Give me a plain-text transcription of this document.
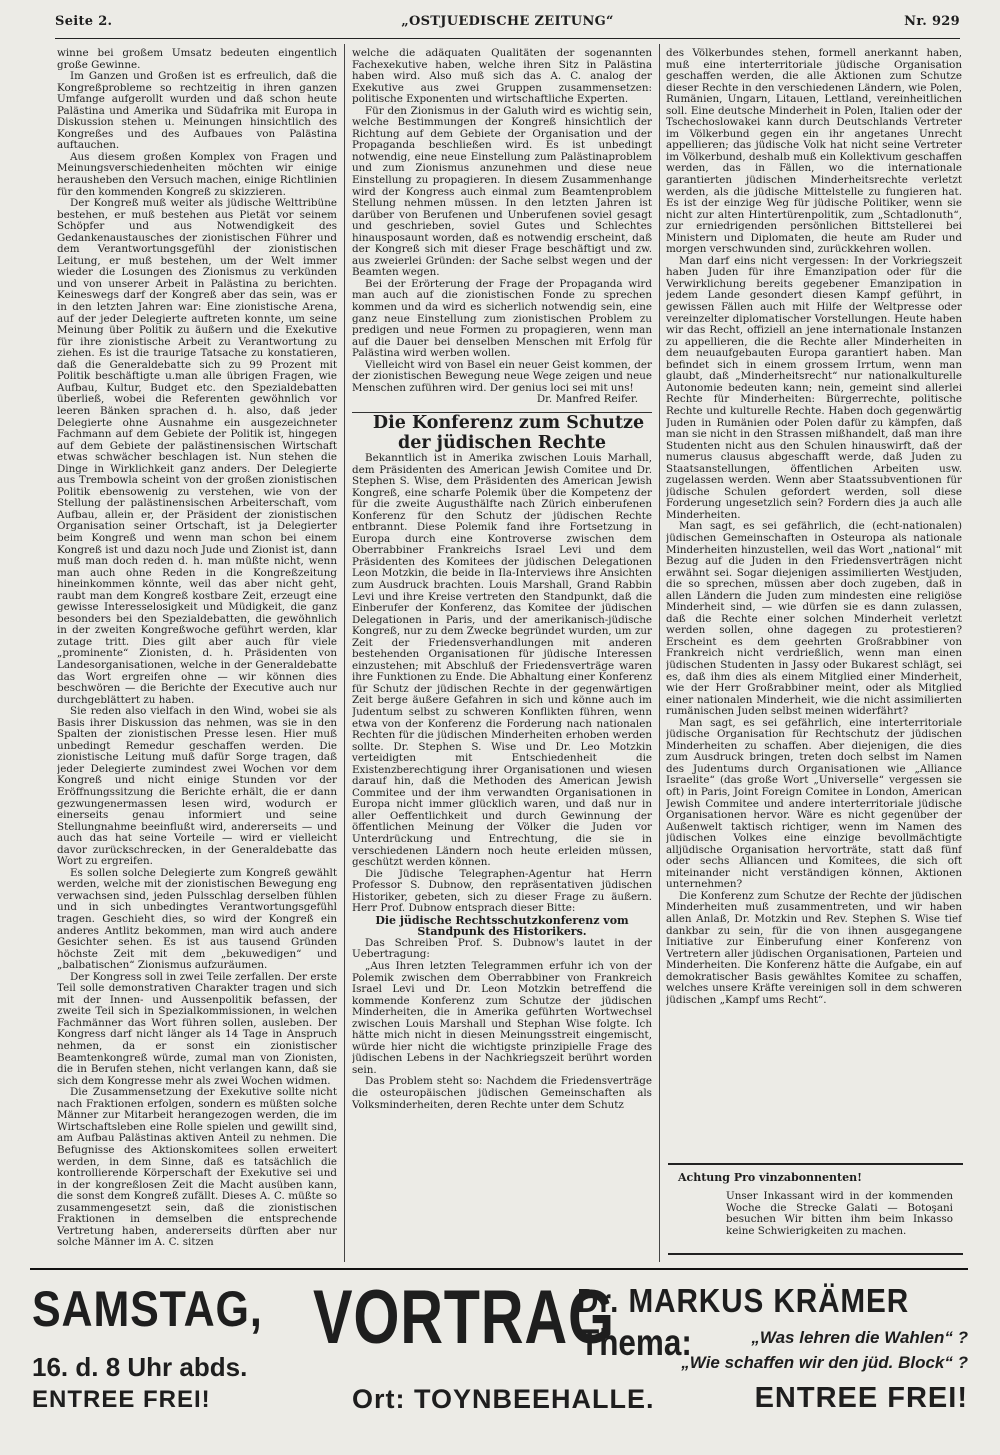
Seite 2.	„OSTJUEDISCHE ZEITUNG“	Nr. 929

winne bei großem Umsatz bedeuten eingentlich große Gewinne.

Im Ganzen und Großen ist es erfreulich, daß die Kongreßprobleme so rechtzeitig in ihren ganzen Umfange aufgerollt wurden und daß schon heute Palästina und Amerika und Südafrika mit Europa in Diskussion stehen u. Meinungen hinsichtlich des Kongreßes und des Aufbaues von Palästina auftauchen.

Aus diesem großen Komplex von Fragen und Meinungsverschiedenheiten möchten wir einige herausheben den Versuch machen, einige Richtlinien für den kommenden Kongreß zu skizzieren.

Der Kongreß muß weiter als jüdische Welttribüne bestehen, er muß bestehen aus Pietät vor seinem Schöpfer und aus Notwendigkeit des Gedankenaustausches der zionistischen Führer und dem Verantwortungsgefühl der zionistischen Leitung, er muß bestehen, um der Welt immer wieder die Losungen des Zionismus zu verkünden und von unserer Arbeit in Palästina zu berichten. Keineswegs darf der Kongreß aber das sein, was er in den letzten Jahren war: Eine zionistische Arena, auf der jeder Delegierte auftreten konnte, um seine Meinung über Politik zu äußern und die Exekutive für ihre zionistische Arbeit zu Verantwortung zu ziehen. Es ist die traurige Tatsache zu konstatieren, daß die Generaldebatte sich zu 99 Prozent mit Politik beschäftigte u.man alle übrigen Fragen, wie Aufbau, Kultur, Budget etc. den Spezialdebatten überließ, wobei die Referenten gewöhnlich vor leeren Bänken sprachen d. h. also, daß jeder Delegierte ohne Ausnahme ein ausgezeichneter Fachmann auf dem Gebiete der Politik ist, hingegen auf dem Gebiete der palästinensischen Wirtschaft etwas schwächer beschlagen ist. Nun stehen die Dinge in Wirklichkeit ganz anders. Der Delegierte aus Trembowla scheint von der großen zionistischen Politik ebensowenig zu verstehen, wie von der Stellung der palästinensischen Arbeiterschaft, vom Aufbau, allein er, der Präsident der zionistischen Organisation seiner Ortschaft, ist ja Delegierter beim Kongreß und wenn man schon bei einem Kongreß ist und dazu noch Jude und Zionist ist, dann muß man doch reden d. h. man müßte nicht, wenn man auch ohne Reden in die Kongreßzeitung hineinkommen könnte, weil das aber nicht geht, raubt man dem Kongreß kostbare Zeit, erzeugt eine gewisse Interesselosigkeit und Müdigkeit, die ganz besonders bei den Spezialdebatten, die gewöhnlich in der zweiten Kongreßwoche geführt werden, klar zutage tritt. Dies gilt aber auch für viele „prominente“ Zionisten, d. h. Präsidenten von Landesorganisationen, welche in der Generaldebatte das Wort ergreifen ohne — wir können dies beschwören — die Berichte der Executive auch nur durchgeblättert zu haben.

Sie reden also vielfach in den Wind, wobei sie als Basis ihrer Diskussion das nehmen, was sie in den Spalten der zionistischen Presse lesen. Hier muß unbedingt Remedur geschaffen werden. Die zionistische Leitung muß dafür Sorge tragen, daß jeder Delegierte zumindest zwei Wochen vor dem Kongreß und nicht einige Stunden vor der Eröffnungssitzung die Berichte erhält, die er dann gezwungenermassen lesen wird, wodurch er einerseits genau informiert und seine Stellungnahme beeinflußt wird, andererseits — und auch das hat seine Vorteile — wird er vielleicht davor zurückschrecken, in der Generaldebatte das Wort zu ergreifen.

Es sollen solche Delegierte zum Kongreß gewählt werden, welche mit der zionistischen Bewegung eng verwachsen sind, jeden Pulsschlag derselben fühlen und in sich unbedingtes Verantwortungsgefühl tragen. Geschieht dies, so wird der Kongreß ein anderes Antlitz bekommen, man wird auch andere Gesichter sehen. Es ist aus tausend Gründen höchste Zeit mit dem „bekuwedigen“ und „balbatischen“ Zionismus aufzuräumen.

Der Kongress soll in zwei Teile zerfallen. Der erste Teil solle demonstrativen Charakter tragen und sich mit der Innen- und Aussenpolitik befassen, der zweite Teil sich in Spezialkommissionen, in welchen Fachmänner das Wort führen sollen, ausleben. Der Kongress darf nicht länger als 14 Tage in Anspruch nehmen, da er sonst ein zionistischer Beamtenkongreß würde, zumal man von Zionisten, die in Berufen stehen, nicht verlangen kann, daß sie sich dem Kongresse mehr als zwei Wochen widmen.

Die Zusammensetzung der Exekutive sollte nicht nach Fraktionen erfolgen, sondern es müßten solche Männer zur Mitarbeit herangezogen werden, die im Wirtschaftsleben eine Rolle spielen und gewillt sind, am Aufbau Palästinas aktiven Anteil zu nehmen. Die Befugnisse des Aktionskomitees sollen erweitert werden, in dem Sinne, daß es tatsächlich die kontrollierende Körperschaft der Exekutive sei und in der kongreßlosen Zeit die Macht ausüben kann, die sonst dem Kongreß zufällt. Dieses A. C. müßte so zusammengesetzt sein, daß die zionistischen Fraktionen in demselben die entsprechende Vertretung haben, andererseits dürften aber nur solche Männer im A. C. sitzen

welche die adäquaten Qualitäten der sogenannten Fachexekutive haben, welche ihren Sitz in Palästina haben wird. Also muß sich das A. C. analog der Exekutive aus zwei Gruppen zusammensetzen: politische Exponenten und wirtschaftliche Experten.

Für den Zionismus in der Galuth wird es wichtig sein, welche Bestimmungen der Kongreß hinsichtlich der Richtung auf dem Gebiete der Organisation und der Propaganda beschließen wird. Es ist unbedingt notwendig, eine neue Einstellung zum Palästinaproblem und zum Zionismus anzunehmen und diese neue Einstellung zu propagieren. In diesem Zusammenhange wird der Kongress auch einmal zum Beamtenproblem Stellung nehmen müssen. In den letzten Jahren ist darüber von Berufenen und Unberufenen soviel gesagt und geschrieben, soviel Gutes und Schlechtes hinausposaunt worden, daß es notwendig erscheint, daß der Kongreß sich mit dieser Frage beschäftigt und zw. aus zweierlei Gründen: der Sache selbst wegen und der Beamten wegen.

Bei der Erörterung der Frage der Propaganda wird man auch auf die zionistischen Fonde zu sprechen kommen und da wird es sicherlich notwendig sein, eine ganz neue Einstellung zum zionistischen Problem zu predigen und neue Formen zu propagieren, wenn man auf die Dauer bei denselben Menschen mit Erfolg für Palästina wird werben wollen.

Vielleicht wird von Basel ein neuer Geist kommen, der der zionistischen Bewegung neue Wege zeigen und neue Menschen zuführen wird. Der genius loci sei mit uns!

Dr. Manfred Reifer.

Die Konferenz zum Schutze der jüdischen Rechte

Bekanntlich ist in Amerika zwischen Louis Marhall, dem Präsidenten des American Jewish Comitee und Dr. Stephen S. Wise, dem Präsidenten des American Jewish Kongreß, eine scharfe Polemik über die Kompetenz der für die zweite Augusthälfte nach Zürich einberufenen Konferenz für den Schutz der jüdischen Rechte entbrannt. Diese Polemik fand ihre Fortsetzung in Europa durch eine Kontroverse zwischen dem Oberrabbiner Frankreichs Israel Levi und dem Präsidenten des Komitees der jüdischen Delegationen Leon Motzkin, die beide in Ila-Interviews ihre Ansichten zum Ausdruck brachten. Louis Marshall, Grand Rabbin Levi und ihre Kreise vertreten den Standpunkt, daß die Einberufer der Konferenz, das Komitee der jüdischen Delegationen in Paris, und der amerikanisch-jüdische Kongreß, nur zu dem Zwecke begründet wurden, um zur Zeit der Friedensverhandlungen mit anderen bestehenden Organisationen für jüdische Interessen einzustehen; mit Abschluß der Friedensverträge waren ihre Funktionen zu Ende. Die Abhaltung einer Konferenz für Schutz der jüdischen Rechte in der gegenwärtigen Zeit berge äußere Gefahren in sich und könne auch im Judentum selbst zu schweren Konflikten führen, wenn etwa von der Konferenz die Forderung nach nationalen Rechten für die jüdischen Minderheiten erhoben werden sollte. Dr. Stephen S. Wise und Dr. Leo Motzkin verteidigten mit Entschiedenheit die Existenzberechtigung ihrer Organisationen und wiesen darauf hin, daß die Methoden des American Jewish Commitee und der ihm verwandten Organisationen in Europa nicht immer glücklich waren, und daß nur in aller Oeffentlichkeit und durch Gewinnung der öffentlichen Meinung der Völker die Juden vor Unterdrückung und Entrechtung, die sie in verschiedenen Ländern noch heute erleiden müssen, geschützt werden können.

Die Jüdische Telegraphen-Agentur hat Herrn Professor S. Dubnow, den repräsentativen jüdischen Historiker, gebeten, sich zu dieser Frage zu äußern. Herr Prof. Dubnow entsprach dieser Bitte:

Die jüdische Rechtsschutzkonferenz vom Standpunk des Historikers.

Das Schreiben Prof. S. Dubnow's lautet in der Uebertragung:

„Aus Ihren letzten Telegrammen erfuhr ich von der Polemik zwischen dem Oberrabbiner von Frankreich Israel Levi und Dr. Leon Motzkin betreffend die kommende Konferenz zum Schutze der jüdischen Minderheiten, die in Amerika geführten Wortwechsel zwischen Louis Marshall und Stephan Wise folgte. Ich hätte mich nicht in diesen Meinungsstreit eingemischt, würde hier nicht die wichtigste prinzipielle Frage des jüdischen Lebens in der Nachkriegszeit berührt worden sein.

Das Problem steht so: Nachdem die Friedensverträge die osteuropäischen jüdischen Gemeinschaften als Volksminderheiten, deren Rechte unter dem Schutz

des Völkerbundes stehen, formell anerkannt haben, muß eine interterritoriale jüdische Organisation geschaffen werden, die alle Aktionen zum Schutze dieser Rechte in den verschiedenen Ländern, wie Polen, Rumänien, Ungarn, Litauen, Lettland, vereinheitlichen soll. Eine deutsche Minderheit in Polen, Italien oder der Tschechoslowakei kann durch Deutschlands Vertreter im Völkerbund gegen ein ihr angetanes Unrecht appellieren; das jüdische Volk hat nicht seine Vertreter im Völkerbund, deshalb muß ein Kollektivum geschaffen werden, das in Fällen, wo die internationale garantierten jüdischen Minderheitsrechte verletzt werden, als die jüdische Mittelstelle zu fungieren hat. Es ist der einzige Weg für jüdische Politiker, wenn sie nicht zur alten Hintertürenpolitik, zum „Schtadlonuth“, zur erniedrigenden persönlichen Bittstellerei bei Ministern und Diplomaten, die heute am Ruder und morgen verschwunden sind, zurückkehren wollen.

Man darf eins nicht vergessen: In der Vorkriegszeit haben Juden für ihre Emanzipation oder für die Verwirklichung bereits gegebener Emanzipation in jedem Lande gesondert diesen Kampf geführt, in gewissen Fällen auch mit Hilfe der Weltpresse oder vereinzelter diplomatischer Vorstellungen. Heute haben wir das Recht, offiziell an jene internationale Instanzen zu appellieren, die die Rechte aller Minderheiten in dem neuaufgebauten Europa garantiert haben. Man befindet sich in einem grossem Irrtum, wenn man glaubt, daß „Minderheitsrecht“ nur nationalkulturelle Autonomie bedeuten kann; nein, gemeint sind allerlei Rechte für Minderheiten: Bürgerrechte, politische Rechte und kulturelle Rechte. Haben doch gegenwärtig Juden in Rumänien oder Polen dafür zu kämpfen, daß man sie nicht in den Strassen mißhandelt, daß man ihre Studenten nicht aus den Schulen hinauswirft, daß der numerus clausus abgeschafft werde, daß Juden zu Staatsanstellungen, öffentlichen Arbeiten usw. zugelassen werden. Wenn aber Staatssubventionen für jüdische Schulen gefordert werden, soll diese Forderung ungesetzlich sein? Fordern dies ja auch alle Minderheiten.

Man sagt, es sei gefährlich, die (echt-nationalen) jüdischen Gemeinschaften in Osteuropa als nationale Minderheiten hinzustellen, weil das Wort „national“ mit Bezug auf die Juden in den Friedensverträgen nicht erwähnt sei. Sogar diejenigen assimilierten Westjuden, die so sprechen, müssen aber doch zugeben, daß in allen Ländern die Juden zum mindesten eine religiöse Minderheit sind, — wie dürfen sie es dann zulassen, daß die Rechte einer solchen Minderheit verletzt werden sollen, ohne dagegen zu protestieren? Erscheint es dem geehrten Großrabbiner von Frankreich nicht verdrießlich, wenn man einen jüdischen Studenten in Jassy oder Bukarest schlägt, sei es, daß ihm dies als einem Mitglied einer Minderheit, wie der Herr Großrabbiner meint, oder als Mitglied einer nationalen Minderheit, wie die nicht assimilierten rumänischen Juden selbst meinen widerfährt?

Man sagt, es sei gefährlich, eine interterritoriale jüdische Organisation für Rechtschutz der jüdischen Minderheiten zu schaffen. Aber diejenigen, die dies zum Ausdruck bringen, treten doch selbst im Namen des Judentums durch Organisationen wie „Alliance Israelite“ (das große Wort „Universelle“ vergessen sie oft) in Paris, Joint Foreign Comitee in London, American Jewish Commitee und andere interterritoriale jüdische Organisationen hervor. Wäre es nicht gegenüber der Außenwelt taktisch richtiger, wenn im Namen des jüdischen Volkes eine einzige bevollmächtigte alljüdische Organisation hervorträte, statt daß fünf oder sechs Alliancen und Komitees, die sich oft miteinander nicht verständigen können, Aktionen unternehmen?

Die Konferenz zum Schutze der Rechte der jüdischen Minderheiten muß zusammentreten, und wir haben allen Anlaß, Dr. Motzkin und Rev. Stephen S. Wise tief dankbar zu sein, für die von ihnen ausgegangene Initiative zur Einberufung einer Konferenz von Vertretern aller jüdischen Organisationen, Parteien und Minderheiten. Die Konferenz hätte die Aufgabe, ein auf demokratischer Basis gewähltes Komitee zu schaffen, welches unsere Kräfte vereinigen soll in dem schweren jüdischen „Kampf ums Recht“.

Achtung Pro vinzabonnenten!
Unser Inkassant wird in der kommenden Woche die Strecke Galati — Botoşani besuchen Wir bitten ihm beim Inkasso keine Schwierigkeiten zu machen.
SAMSTAG,
16. d. 8 Uhr abds.
ENTREE FREI!
VORTRAG
Dr. MARKUS KRÄMER
Thema:	„Was lehren die Wahlen“ ?
„Wie schaffen wir den jüd. Block“ ?
Ort: TOYNBEEHALLE.	ENTREE FREI!
